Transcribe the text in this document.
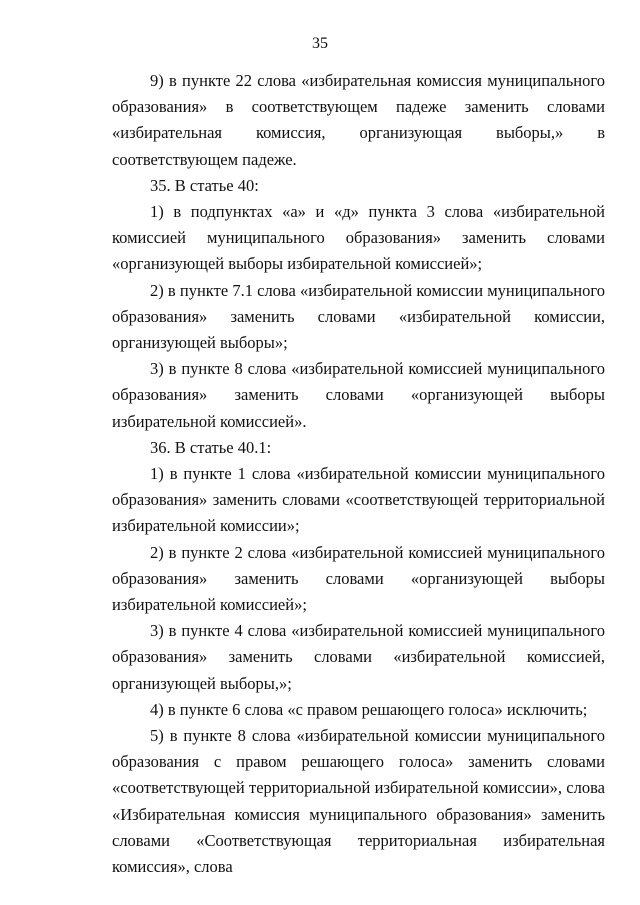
35

9) в пункте 22 слова «избирательная комиссия муниципального образования» в соответствующем падеже заменить словами «избирательная комиссия, организующая выборы,» в соответствующем падеже.

35. В статье 40:

1) в подпунктах «а» и «д» пункта 3 слова «избирательной комиссией муниципального образования» заменить словами «организующей выборы избирательной комиссией»;

2) в пункте 7.1 слова «избирательной комиссии муниципального образования» заменить словами «избирательной комиссии, организующей выборы»;

3) в пункте 8 слова «избирательной комиссией муниципального образования» заменить словами «организующей выборы избирательной комиссией».

36. В статье 40.1:

1) в пункте 1 слова «избирательной комиссии муниципального образования» заменить словами «соответствующей территориальной избирательной комиссии»;

2) в пункте 2 слова «избирательной комиссией муниципального образования» заменить словами «организующей выборы избирательной комиссией»;

3) в пункте 4 слова «избирательной комиссией муниципального образования» заменить словами «избирательной комиссией, организующей выборы,»;

4) в пункте 6 слова «с правом решающего голоса» исключить;

5) в пункте 8 слова «избирательной комиссии муниципального образования с правом решающего голоса» заменить словами «соответствующей территориальной избирательной комиссии», слова «Избирательная комиссия муниципального образования» заменить словами «Соответствующая территориальная избирательная комиссия», слова
